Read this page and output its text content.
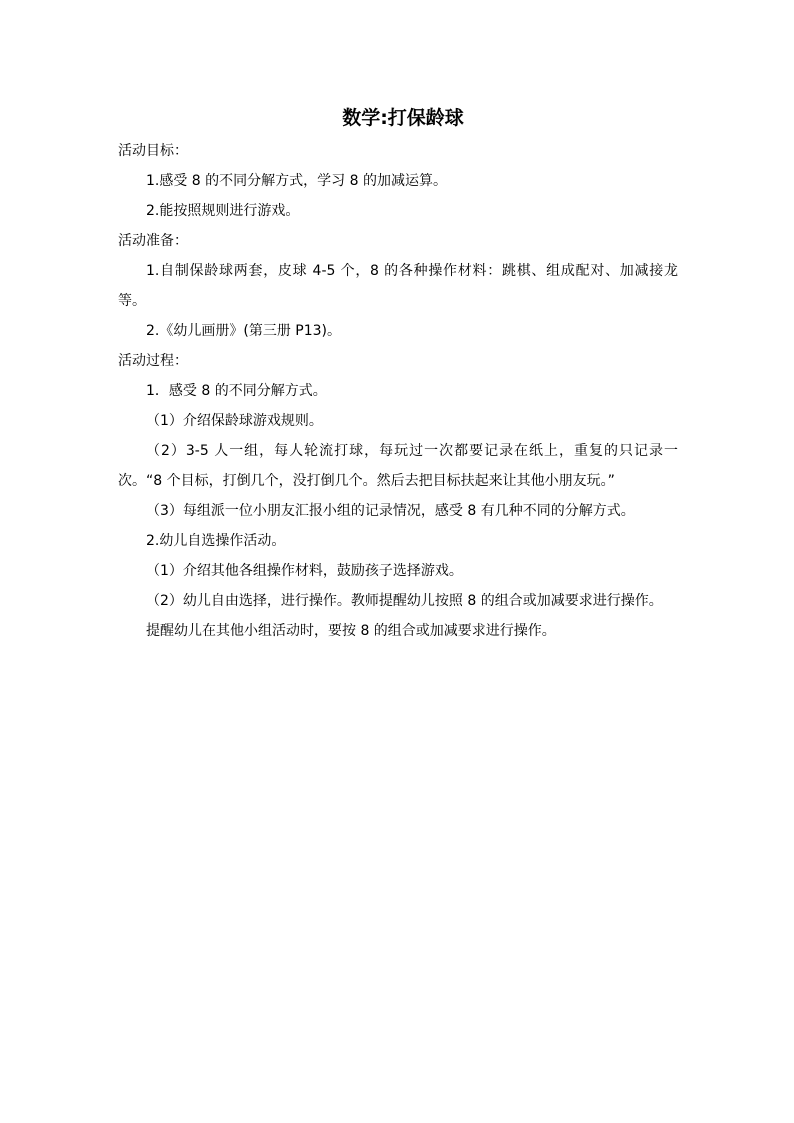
数学:打保龄球

活动目标：

1.感受 8 的不同分解方式，学习 8 的加减运算。

2.能按照规则进行游戏。

活动准备：

1.自制保龄球两套，皮球 4-5 个，8 的各种操作材料：跳棋、组成配对、加减接龙等。

2.《幼儿画册》(第三册 P13)。

活动过程：

1．感受 8 的不同分解方式。

（1）介绍保龄球游戏规则。

（2）3-5 人一组，每人轮流打球，每玩过一次都要记录在纸上，重复的只记录一次。“8 个目标，打倒几个，没打倒几个。然后去把目标扶起来让其他小朋友玩。”

（3）每组派一位小朋友汇报小组的记录情况，感受 8 有几种不同的分解方式。

2.幼儿自选操作活动。

（1）介绍其他各组操作材料，鼓励孩子选择游戏。

（2）幼儿自由选择，进行操作。教师提醒幼儿按照 8 的组合或加减要求进行操作。

提醒幼儿在其他小组活动时，要按 8 的组合或加减要求进行操作。
